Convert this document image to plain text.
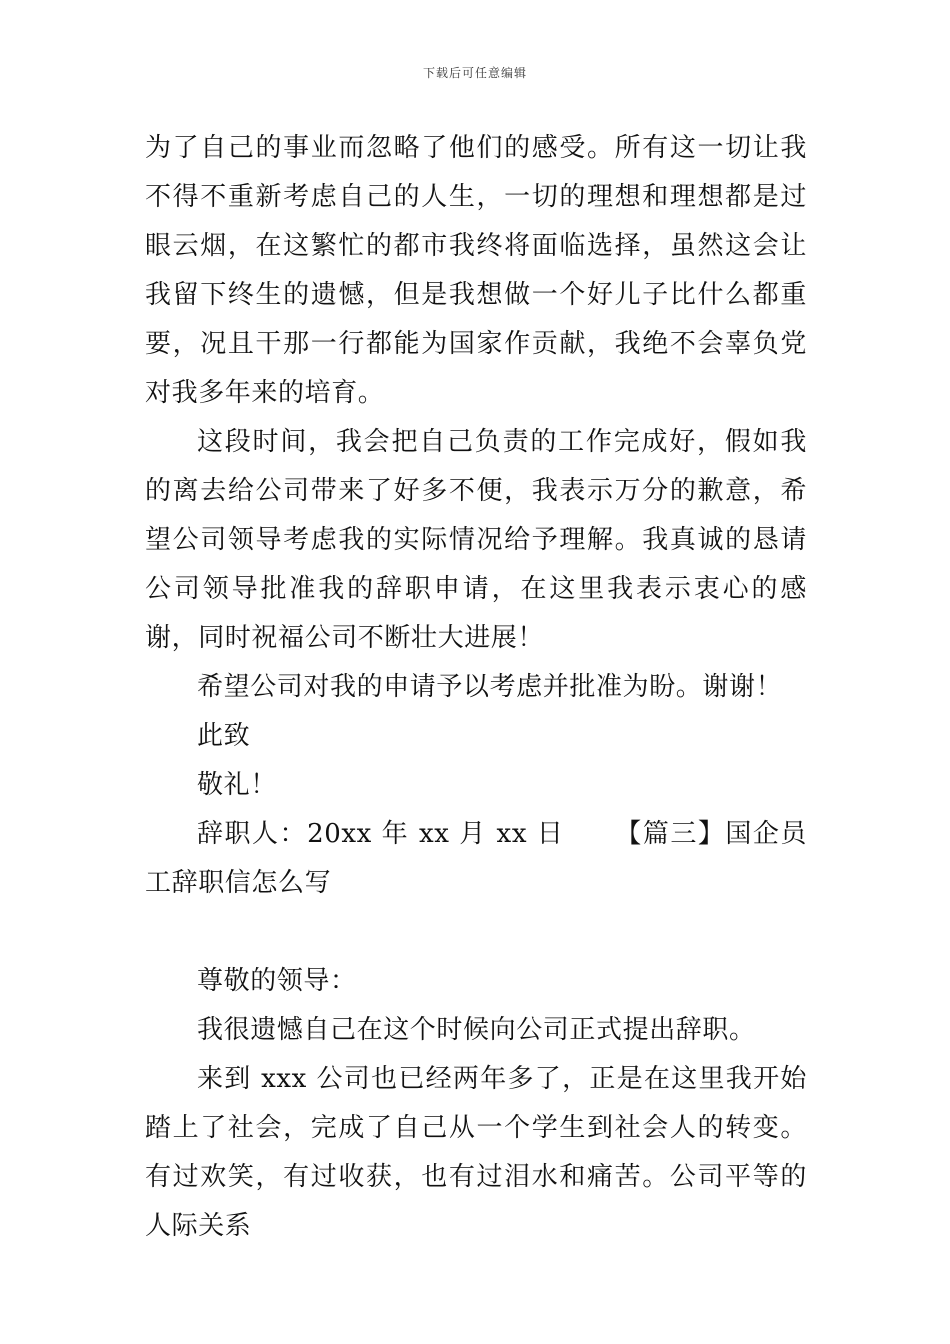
下载后可任意编辑

为了自己的事业而忽略了他们的感受。所有这一切让我不得不重新考虑自己的人生，一切的理想和理想都是过眼云烟，在这繁忙的都市我终将面临选择，虽然这会让我留下终生的遗憾，但是我想做一个好儿子比什么都重要，况且干那一行都能为国家作贡献，我绝不会辜负党对我多年来的培育。

这段时间，我会把自己负责的工作完成好，假如我的离去给公司带来了好多不便，我表示万分的歉意，希望公司领导考虑我的实际情况给予理解。我真诚的恳请公司领导批准我的辞职申请，在这里我表示衷心的感谢，同时祝福公司不断壮大进展！

希望公司对我的申请予以考虑并批准为盼。谢谢！

此致

敬礼！

辞职人：20xx 年 xx 月 xx 日 【篇三】国企员工辞职信怎么写

尊敬的领导：

我很遗憾自己在这个时候向公司正式提出辞职。

来到 xxx 公司也已经两年多了，正是在这里我开始踏上了社会，完成了自己从一个学生到社会人的转变。有过欢笑，有过收获，也有过泪水和痛苦。公司平等的人际关系
